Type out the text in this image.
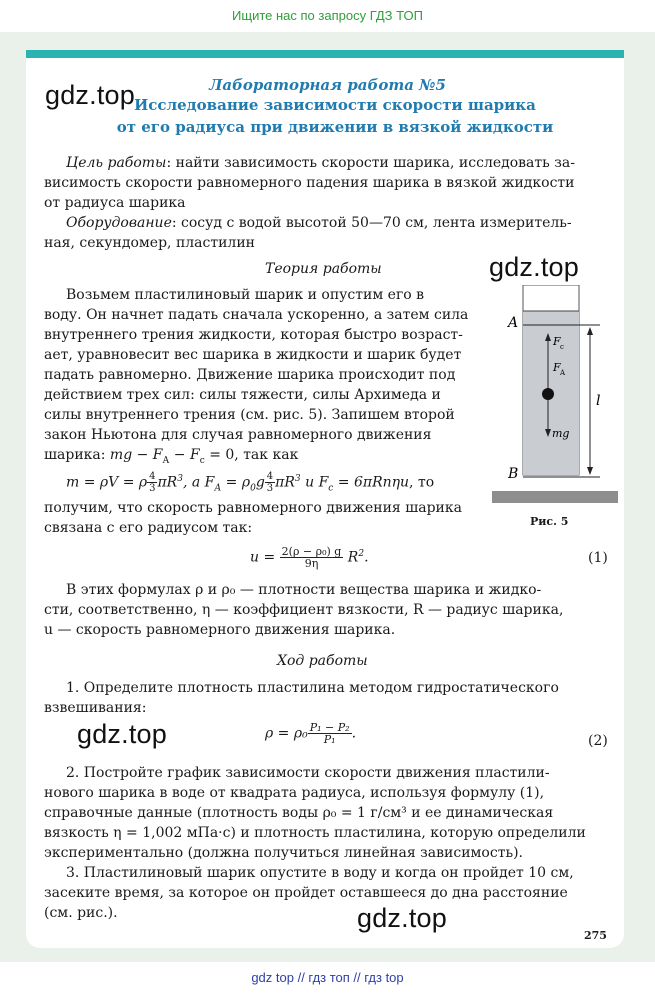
Ищите нас по запросу ГДЗ ТОП
gdz.top
gdz.top
gdz.top
gdz.top
Лабораторная работа №5
Исследование зависимости скорости шарика
от его радиуса при движении в вязкой жидкости
Цель работы: найти зависимость скорости шарика, исследовать за-
висимость скорости равномерного падения шарика в вязкой жидкости
от радиуса шарика
Оборудование: сосуд с водой высотой 50—70 см, лента измеритель-
ная, секундомер, пластилин
Теория работы
Возьмем пластилиновый шарик и опустим его в
воду. Он начнет падать сначала ускоренно, а затем сила
внутреннего трения жидкости, которая быстро возраст-
ает, уравновесит вес шарика в жидкости и шарик будет
падать равномерно. Движение шарика происходит под
действием трех сил: силы тяжести, силы Архимеда и
силы внутреннего трения (см. рис. 5). Запишем второй
закон Ньютона для случая равномерного движения
шарика: mg − $F_А - F_c = 0$, так как
m = ρV = ρ $\frac{4}{3} \pi R^3$, а $F_А = \rho_0g \frac{4}{3} \pi R^3$ и $F_c = 6\pi Rn\eta u$, то
получим, что скорость равномерного движения шарика
связана с его радиусом так:
$u = \frac{\text{2(ρ − ρ₀) g}}{9\eta} R^2$.	(1)
В этих формулах ρ и ρ₀ — плотности вещества шарика и жидко-
сти, соответственно, η — коэффициент вязкости, R — радиус шарика,
u — скорость равномерного движения шарика.
Ход работы
1. Определите плотность пластилина методом гидростатического
взвешивания:
$\rho = \rho_0 \frac{\text{P₁ − P₂}}{\text{P₁}}$ .	(2)
2. Постройте график зависимости скорости движения пластили-
нового шарика в воде от квадрата радиуса, используя формулу (1),
справочные данные (плотность воды ρ₀ = 1 г/см³ и ее динамическая
вязкость η = 1,002 мПа·с) и плотность пластилина, которую определили
экспериментально (должна получиться линейная зависимость).
3. Пластилиновый шарик опустите в воду и когда он пройдет 10 см,
засеките время, за которое он пройдет оставшееся до дна расстояние
(см. рис.).
A
B
l
F c
F A
mg
Рис. 5
275
gdz top // гдз топ // гдз top
